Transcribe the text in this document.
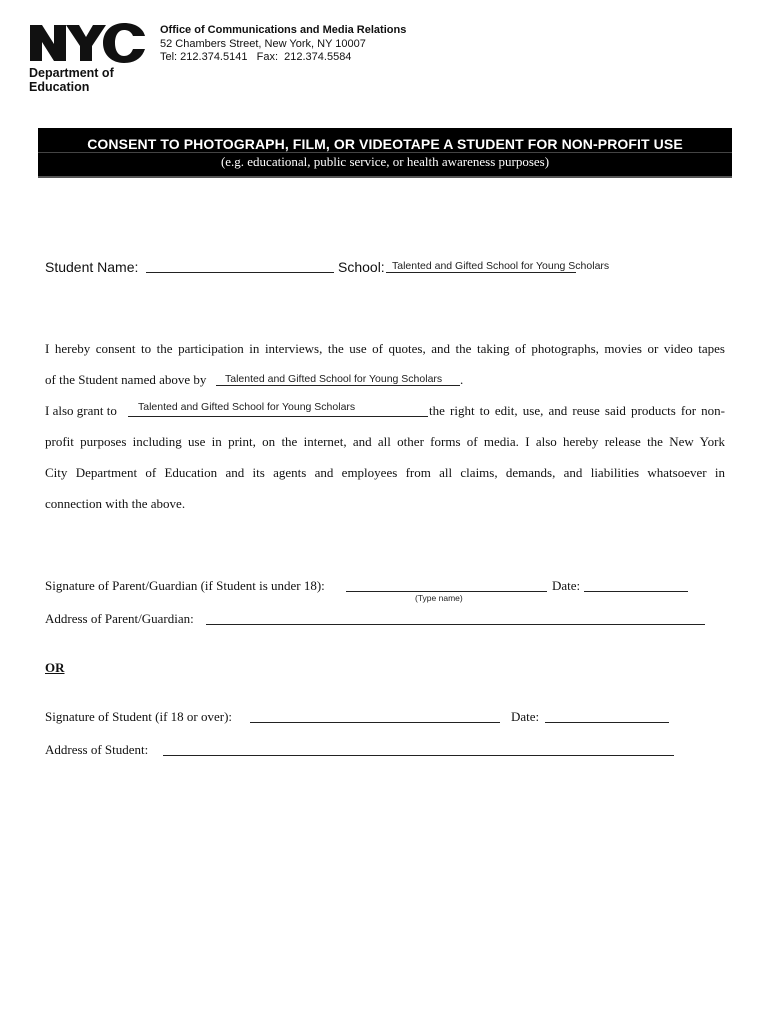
Department of
Education
Office of Communications and Media Relations
52 Chambers Street, New York, NY 10007
Tel: 212.374.5141   Fax:  212.374.5584
CONSENT TO PHOTOGRAPH, FILM, OR VIDEOTAPE A STUDENT FOR NON-PROFIT USE
(e.g. educational, public service, or health awareness purposes)
Student Name:	School: Talented and Gifted School for Young Scholars
I hereby consent to the participation in interviews, the use of quotes, and the taking of photographs, movies or video tapes
of the Student named above by Talented and Gifted School for Young Scholars .
I also grant to Talented and Gifted School for Young Scholars	the right to edit, use, and reuse said products for non-
profit purposes including use in print, on the internet, and all other forms of media. I also hereby release the New York
City Department of Education and its agents and employees from all claims, demands, and liabilities whatsoever in
connection with the above.
Signature of Parent/Guardian (if Student is under 18):	Date:
(Type name)
Address of Parent/Guardian:
OR
Signature of Student (if 18 or over):	Date:
Address of Student:
